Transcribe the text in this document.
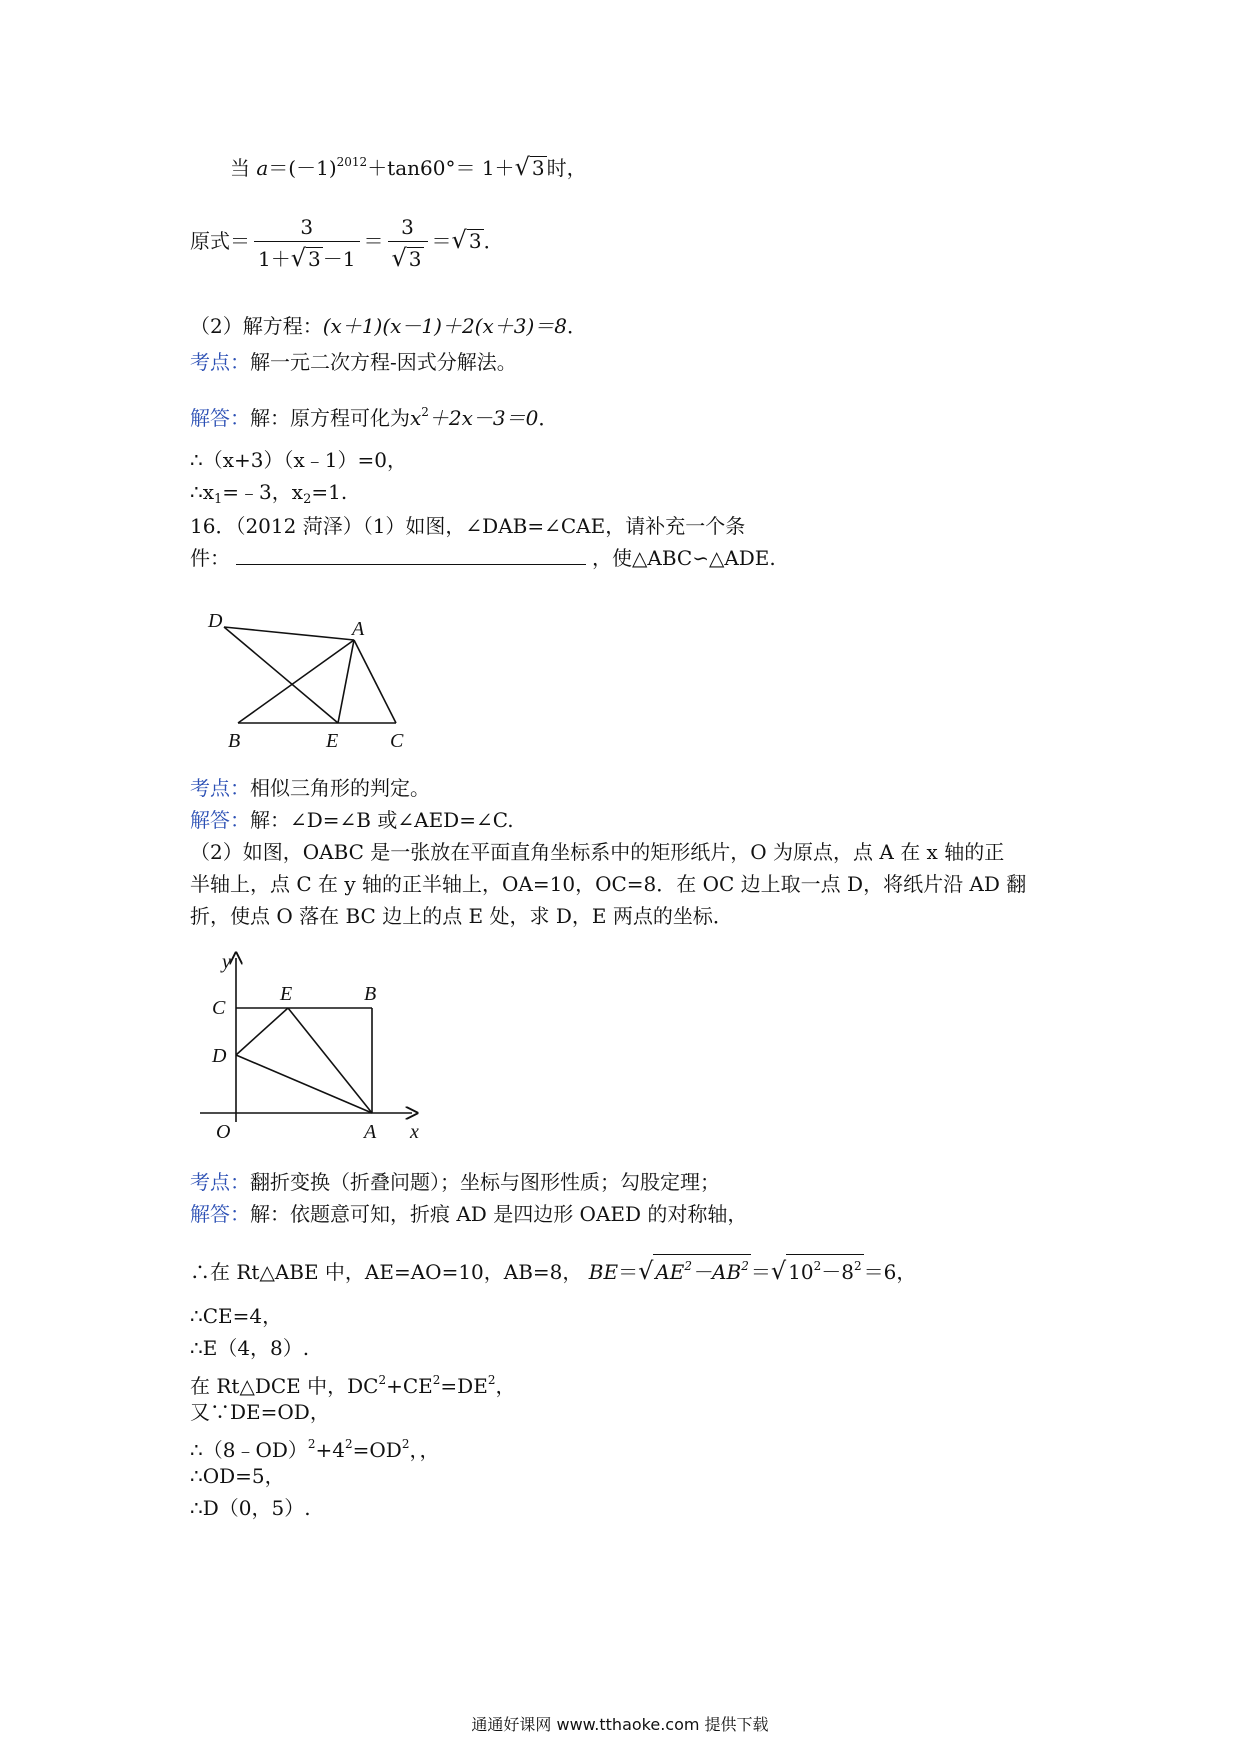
当 $a=(-1)^{2012}+\tan 60^\circ= 1+√$ 3 时，
原式＝ $\frac{3}{1+√ 3 -1} = \frac{3}{√ 3}$ ＝√ 3 ．
（2）解方程：(x＋1)(x－1)＋2(x＋3)＝8．
考点：解一元二次方程-因式分解法。
解答：解：原方程可化为$x^2+2x-3=0$．
∴（x+3）（x﹣1）=0，
$\therefore x_1=﹣3$，$x_2=1$.
16．（2012 菏泽）（1）如图，∠DAB=∠CAE，请补充一个条
件：	，使△ABC∽△ADE.
D	A
B	E	C
考点：相似三角形的判定。
解答：解：∠D=∠B 或∠AED=∠C.
（2）如图，OABC 是一张放在平面直角坐标系中的矩形纸片，O 为原点，点 A 在 x 轴的正
半轴上，点 C 在 y 轴的正半轴上，OA=10，OC=8．在 OC 边上取一点 D，将纸片沿 AD 翻
折，使点 O 落在 BC 边上的点 E 处，求 D，E 两点的坐标．
y
C
E	B
D
O	A x
考点：翻折变换（折叠问题）；坐标与图形性质；勾股定理；
解答：解：依题意可知，折痕 AD 是四边形 OAED 的对称轴，
∴在 Rt△ABE 中，AE=AO=10，AB=8， BE＝√ $AE^2-AB^2$ ＝√ $10^2-8^2 =6$，
∴CE=4，
∴E（4，8）.
在 Rt△DCE 中，$DC^2+CE^2=DE^2$，
又∵DE=OD，
$\therefore(8﹣OD)^2+4^2=OD^2$，，
∴OD=5，
∴D（0，5）.
通通好课网 www.tthaoke.com 提供下载
